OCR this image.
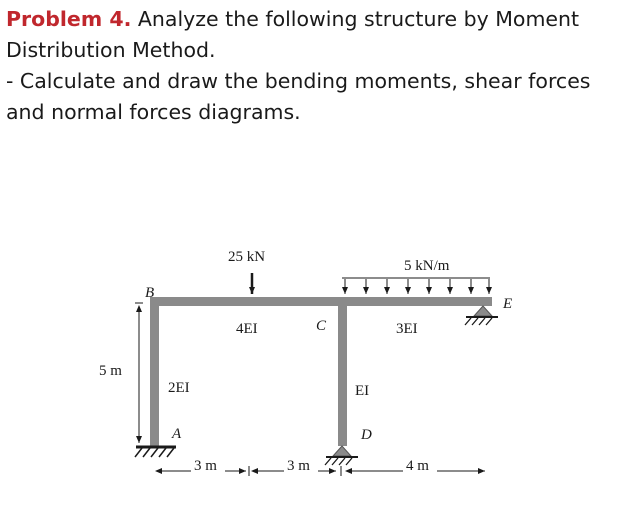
Problem 4. Analyze the following structure by Moment

Distribution Method.

- Calculate and draw the bending moments, shear forces

and normal forces diagrams.

25 kN
5 kN/m
B
C
E
A	D
4EI	3EI
2EI	EI
5 m
3 m	3 m	4 m
